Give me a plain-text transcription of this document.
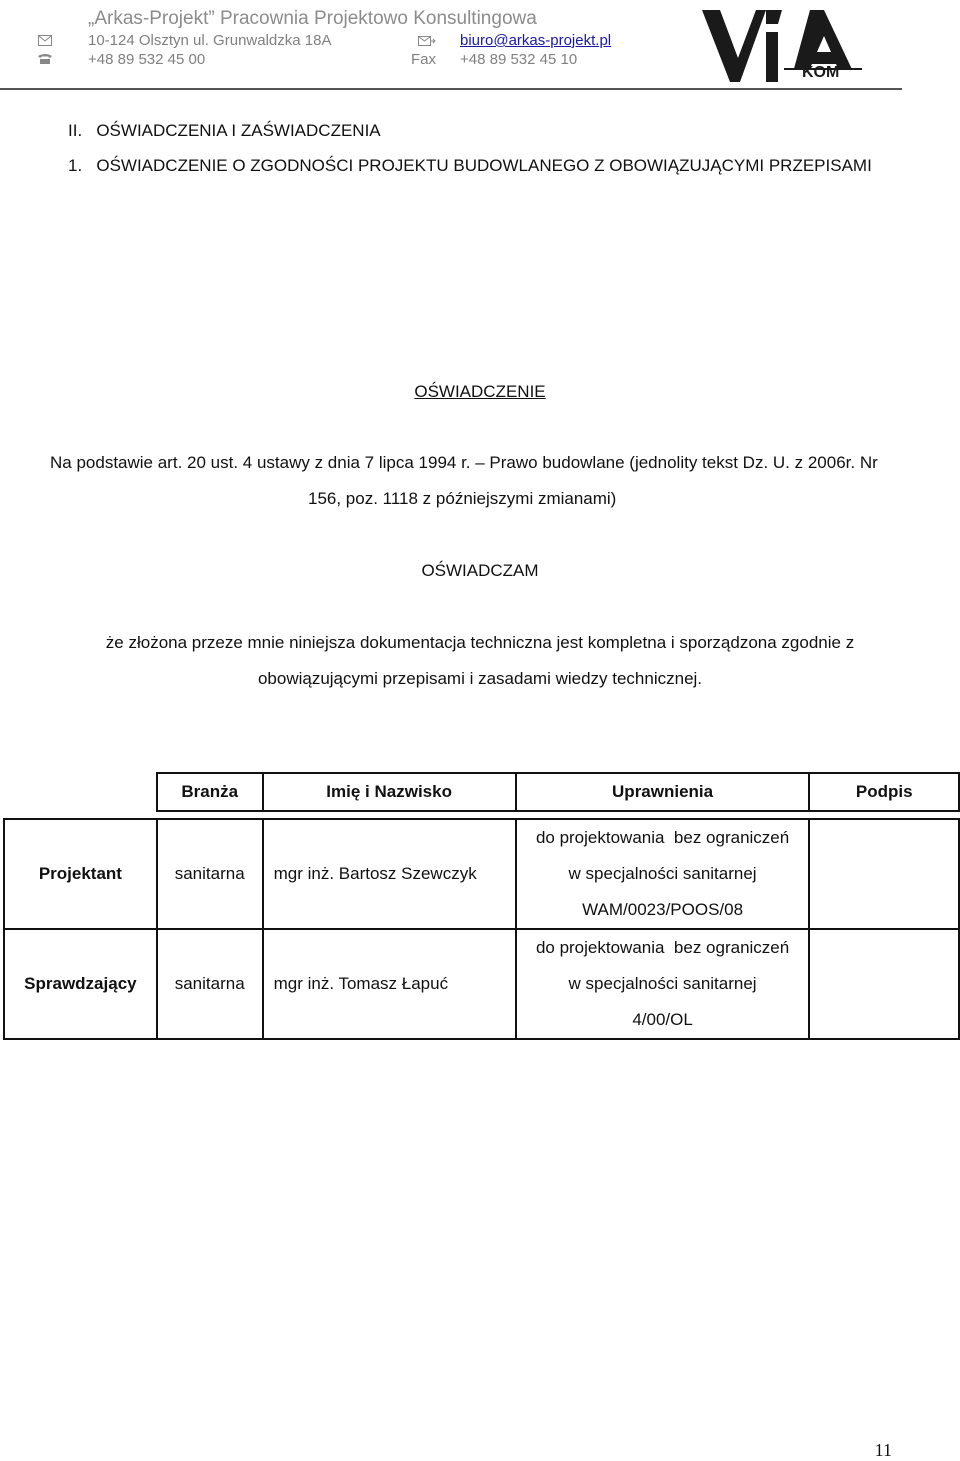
„Arkas-Projekt” Pracownia Projektowo Konsultingowa
10-124 Olsztyn ul. Grunwaldzka 18A	biuro@arkas-projekt.pl
+48 89 532 45 00	Fax +48 89 532 45 10
KOM
II.   OŚWIADCZENIA I ZAŚWIADCZENIA
1.   OŚWIADCZENIE O ZGODNOŚCI PROJEKTU BUDOWLANEGO Z OBOWIĄZUJĄCYMI PRZEPISAMI
OŚWIADCZENIE
Na podstawie art. 20 ust. 4 ustawy z dnia 7 lipca 1994 r. – Prawo budowlane (jednolity tekst Dz. U. z 2006r. Nr
156, poz. 1118 z późniejszymi zmianami)
OŚWIADCZAM
że złożona przeze mnie niniejsza dokumentacja techniczna jest kompletna i sporządzona zgodnie z
obowiązującymi przepisami i zasadami wiedzy technicznej.
	Branża	Imię i Nazwisko	Uprawnienia	Podpis

Projektant	sanitarna	mgr inż. Bartosz Szewczyk	do projektowania  bez ograniczeń
w specjalności sanitarnej
WAM/0023/POOS/08	

Sprawdzający	sanitarna	mgr inż. Tomasz Łapuć	do projektowania  bez ograniczeń
w specjalności sanitarnej
4/00/OL	

11
